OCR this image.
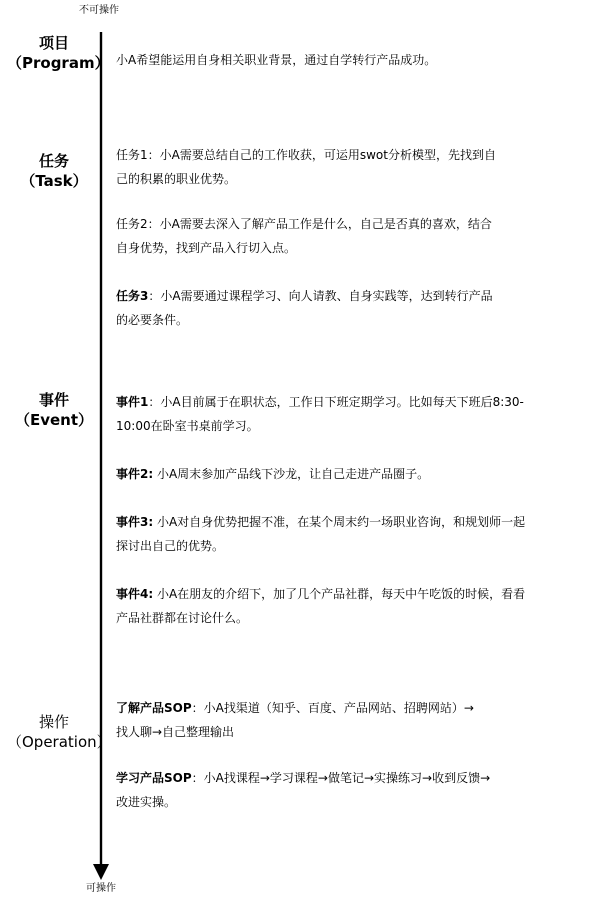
不可操作
可操作
项目
（Program） 小A希望能运用自身相关职业背景，通过自学转行产品成功。
任务
（Task）
任务1：小A需要总结自己的工作收获，可运用swot分析模型，先找到自
己的积累的职业优势。
任务2：小A需要去深入了解产品工作是什么，自己是否真的喜欢，结合
自身优势，找到产品入行切入点。
任务3：小A需要通过课程学习、向人请教、自身实践等，达到转行产品
的必要条件。
事件
（Event）
事件1：小A目前属于在职状态，工作日下班定期学习。比如每天下班后8:30-
10:00在卧室书桌前学习。
事件2: 小A周末参加产品线下沙龙，让自己走进产品圈子。
事件3: 小A对自身优势把握不准，在某个周末约一场职业咨询，和规划师一起
探讨出自己的优势。
事件4: 小A在朋友的介绍下，加了几个产品社群，每天中午吃饭的时候，看看
产品社群都在讨论什么。
操作
（Operation）
了解产品SOP：小A找渠道（知乎、百度、产品网站、招聘网站）→
找人聊→自己整理输出
学习产品SOP：小A找课程→学习课程→做笔记→实操练习→收到反馈→
改进实操。
